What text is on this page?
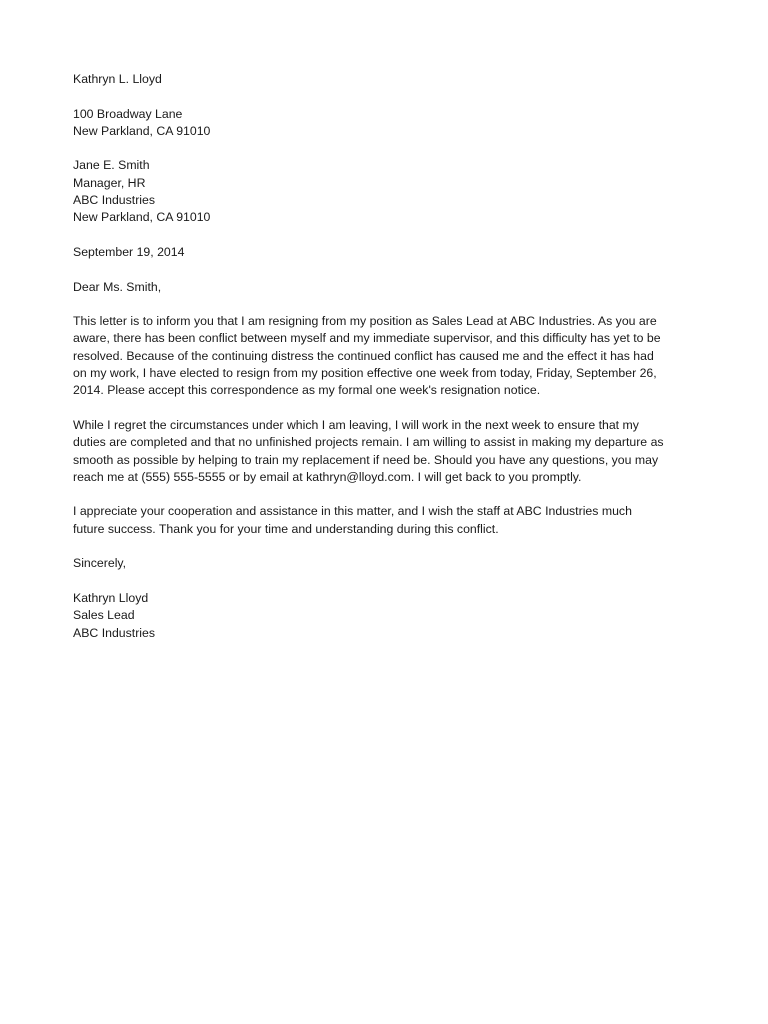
Kathryn L. Lloyd
100 Broadway Lane
New Parkland, CA 91010
Jane E. Smith
Manager, HR
ABC Industries
New Parkland, CA 91010
September 19, 2014
Dear Ms. Smith,
This letter is to inform you that I am resigning from my position as Sales Lead at ABC Industries. As you are
aware, there has been conflict between myself and my immediate supervisor, and this difficulty has yet to be
resolved. Because of the continuing distress the continued conflict has caused me and the effect it has had
on my work, I have elected to resign from my position effective one week from today, Friday, September 26,
2014. Please accept this correspondence as my formal one week's resignation notice.
While I regret the circumstances under which I am leaving, I will work in the next week to ensure that my
duties are completed and that no unfinished projects remain. I am willing to assist in making my departure as
smooth as possible by helping to train my replacement if need be. Should you have any questions, you may
reach me at (555) 555-5555 or by email at kathryn@lloyd.com. I will get back to you promptly.
I appreciate your cooperation and assistance in this matter, and I wish the staff at ABC Industries much
future success. Thank you for your time and understanding during this conflict.
Sincerely,
Kathryn Lloyd
Sales Lead
ABC Industries
